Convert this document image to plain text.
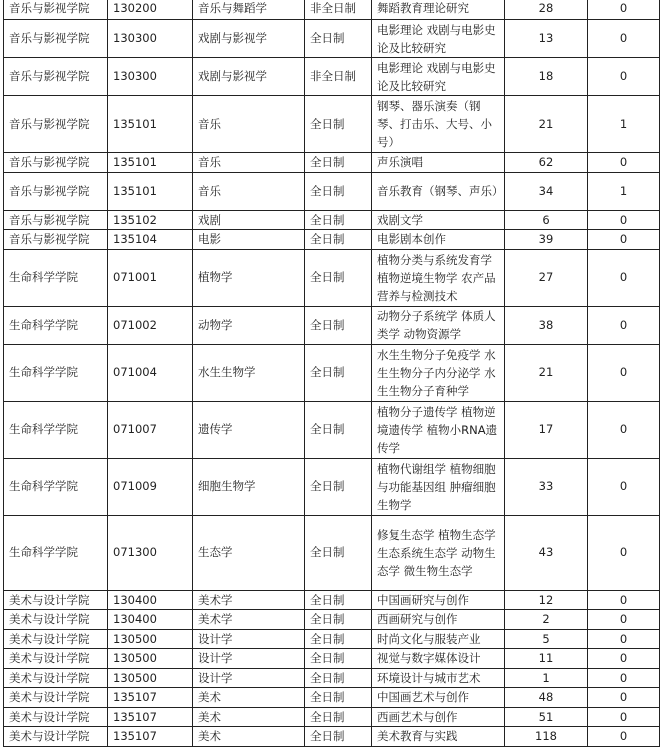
音乐与影视学院	130200	音乐与舞蹈学	非全日制	舞蹈教育理论研究	28	0
音乐与影视学院	130300	戏剧与影视学	全日制	电影理论 戏剧与电影史论及比较研究	13	0
音乐与影视学院	130300	戏剧与影视学	非全日制	电影理论 戏剧与电影史论及比较研究	18	0
音乐与影视学院	135101	音乐	全日制	钢琴、器乐演奏（钢琴、打击乐、大号、小号）	21	1
音乐与影视学院	135101	音乐	全日制	声乐演唱	62	0
音乐与影视学院	135101	音乐	全日制	音乐教育（钢琴、声乐）	34	1
音乐与影视学院	135102	戏剧	全日制	戏剧文学	6	0
音乐与影视学院	135104	电影	全日制	电影剧本创作	39	0
生命科学学院	071001	植物学	全日制	植物分类与系统发育学 植物逆境生物学 农产品营养与检测技术	27	0
生命科学学院	071002	动物学	全日制	动物分子系统学 体质人类学 动物资源学	38	0
生命科学学院	071004	水生生物学	全日制	水生生物分子免疫学 水生生物分子内分泌学 水生生物分子育种学	21	0
生命科学学院	071007	遗传学	全日制	植物分子遗传学 植物逆境遗传学 植物小RNA遗传学	17	0
生命科学学院	071009	细胞生物学	全日制	植物代谢组学 植物细胞与功能基因组 肿瘤细胞生物学	33	0
生命科学学院	071300	生态学	全日制	修复生态学 植物生态学 生态系统生态学 动物生态学 微生物生态学	43	0
美术与设计学院	130400	美术学	全日制	中国画研究与创作	12	0
美术与设计学院	130400	美术学	全日制	西画研究与创作	2	0
美术与设计学院	130500	设计学	全日制	时尚文化与服装产业	5	0
美术与设计学院	130500	设计学	全日制	视觉与数字媒体设计	11	0
美术与设计学院	130500	设计学	全日制	环境设计与城市艺术	1	0
美术与设计学院	135107	美术	全日制	中国画艺术与创作	48	0
美术与设计学院	135107	美术	全日制	西画艺术与创作	51	0
美术与设计学院	135107	美术	全日制	美术教育与实践	118	0
